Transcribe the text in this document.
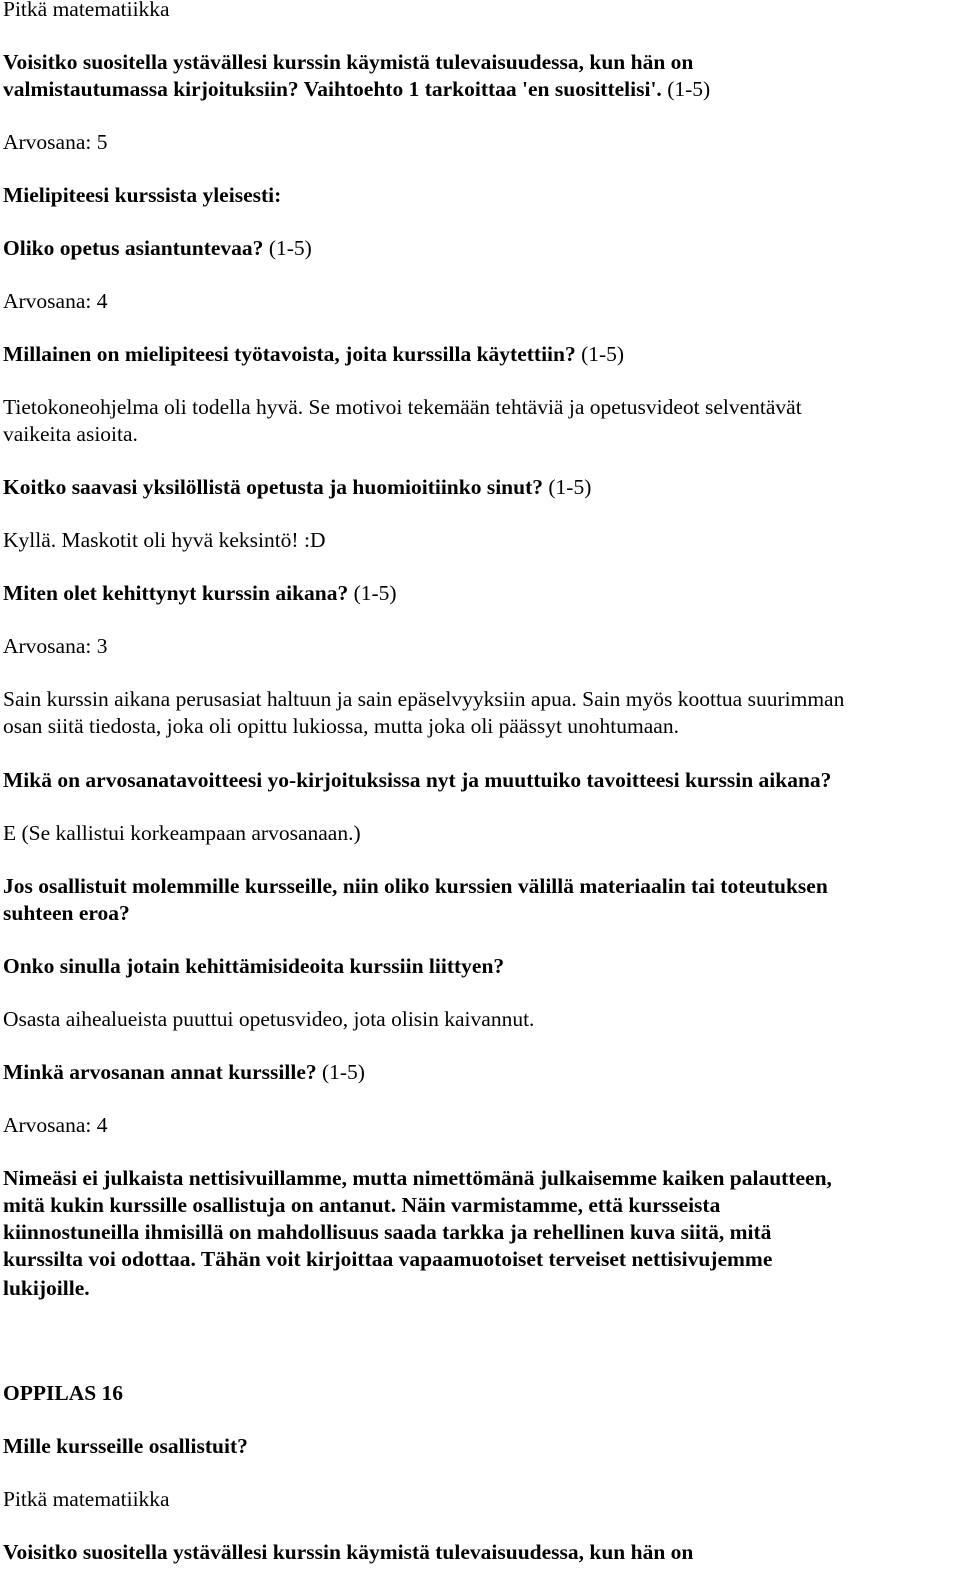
Pitkä matematiikka

Voisitko suositella ystävällesi kurssin käymistä tulevaisuudessa, kun hän on

valmistautumassa kirjoituksiin? Vaihtoehto 1 tarkoittaa 'en suosittelisi'. (1-5)

Arvosana: 5

Mielipiteesi kurssista yleisesti:

Oliko opetus asiantuntevaa? (1-5)

Arvosana: 4

Millainen on mielipiteesi työtavoista, joita kurssilla käytettiin? (1-5)

Tietokoneohjelma oli todella hyvä. Se motivoi tekemään tehtäviä ja opetusvideot selventävät

vaikeita asioita.

Koitko saavasi yksilöllistä opetusta ja huomioitiinko sinut? (1-5)

Kyllä. Maskotit oli hyvä keksintö! :D

Miten olet kehittynyt kurssin aikana? (1-5)

Arvosana: 3

Sain kurssin aikana perusasiat haltuun ja sain epäselvyyksiin apua. Sain myös koottua suurimman

osan siitä tiedosta, joka oli opittu lukiossa, mutta joka oli päässyt unohtumaan.

Mikä on arvosanatavoitteesi yo-kirjoituksissa nyt ja muuttuiko tavoitteesi kurssin aikana?

E (Se kallistui korkeampaan arvosanaan.)

Jos osallistuit molemmille kursseille, niin oliko kurssien välillä materiaalin tai toteutuksen

suhteen eroa?

Onko sinulla jotain kehittämisideoita kurssiin liittyen?

Osasta aihealueista puuttui opetusvideo, jota olisin kaivannut.

Minkä arvosanan annat kurssille? (1-5)

Arvosana: 4

Nimeäsi ei julkaista nettisivuillamme, mutta nimettömänä julkaisemme kaiken palautteen,

mitä kukin kurssille osallistuja on antanut. Näin varmistamme, että kursseista

kiinnostuneilla ihmisillä on mahdollisuus saada tarkka ja rehellinen kuva siitä, mitä

kurssilta voi odottaa. Tähän voit kirjoittaa vapaamuotoiset terveiset nettisivujemme

lukijoille.

OPPILAS 16

Mille kursseille osallistuit?

Pitkä matematiikka

Voisitko suositella ystävällesi kurssin käymistä tulevaisuudessa, kun hän on
